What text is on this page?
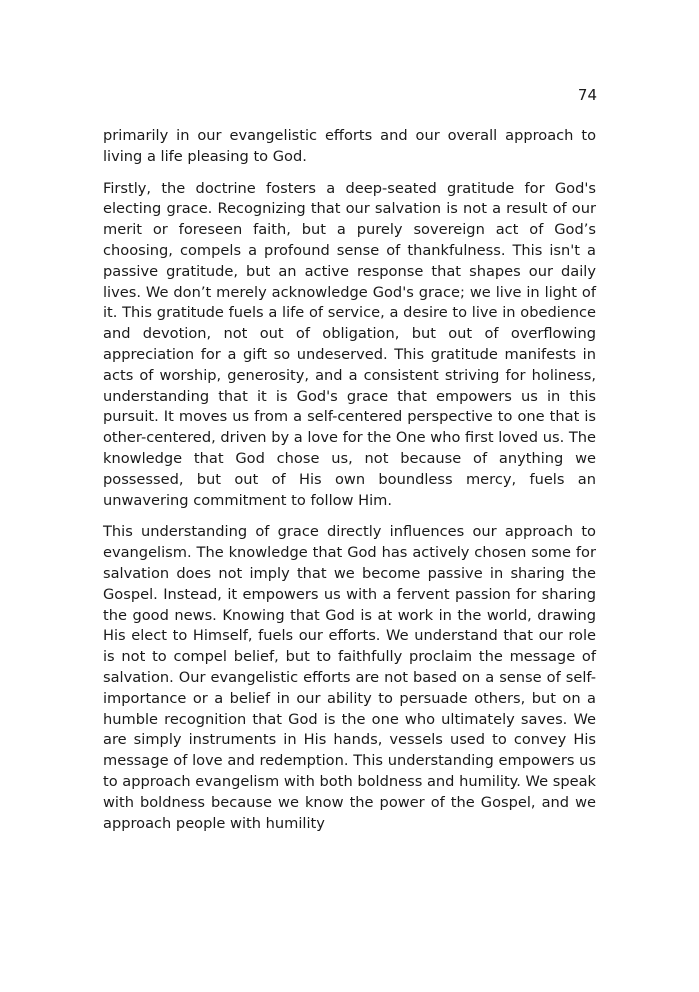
74

primarily in our evangelistic efforts and our overall approach to living a life pleasing to God.

Firstly, the doctrine fosters a deep-seated gratitude for God's electing grace. Recognizing that our salvation is not a result of our merit or foreseen faith, but a purely sovereign act of God’s choosing, compels a profound sense of thankfulness. This isn't a passive gratitude, but an active response that shapes our daily lives. We don’t merely acknowledge God's grace; we live in light of it. This gratitude fuels a life of service, a desire to live in obedience and devotion, not out of obligation, but out of overflowing appreciation for a gift so undeserved. This gratitude manifests in acts of worship, generosity, and a consistent striving for holiness, understanding that it is God's grace that empowers us in this pursuit. It moves us from a self-centered perspective to one that is other-centered, driven by a love for the One who first loved us. The knowledge that God chose us, not because of anything we possessed, but out of His own boundless mercy, fuels an unwavering commitment to follow Him.

This understanding of grace directly influences our approach to evangelism. The knowledge that God has actively chosen some for salvation does not imply that we become passive in sharing the Gospel. Instead, it empowers us with a fervent passion for sharing the good news. Knowing that God is at work in the world, drawing His elect to Himself, fuels our efforts. We understand that our role is not to compel belief, but to faithfully proclaim the message of salvation. Our evangelistic efforts are not based on a sense of self-importance or a belief in our ability to persuade others, but on a humble recognition that God is the one who ultimately saves. We are simply instruments in His hands, vessels used to convey His message of love and redemption. This understanding empowers us to approach evangelism with both boldness and humility. We speak with boldness because we know the power of the Gospel, and we approach people with humility
